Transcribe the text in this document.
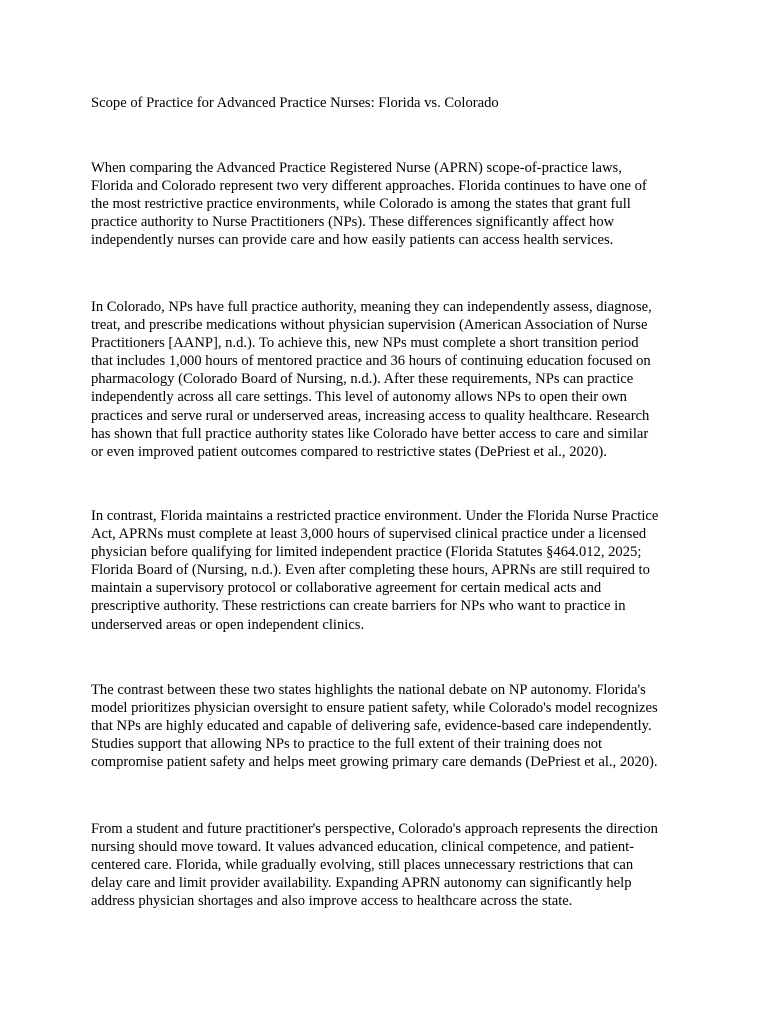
Scope of Practice for Advanced Practice Nurses: Florida vs. Colorado

When comparing the Advanced Practice Registered Nurse (APRN) scope-of-practice laws,
Florida and Colorado represent two very different approaches. Florida continues to have one of
the most restrictive practice environments, while Colorado is among the states that grant full
practice authority to Nurse Practitioners (NPs). These differences significantly affect how
independently nurses can provide care and how easily patients can access health services.

In Colorado, NPs have full practice authority, meaning they can independently assess, diagnose,
treat, and prescribe medications without physician supervision (American Association of Nurse
Practitioners [AANP], n.d.). To achieve this, new NPs must complete a short transition period
that includes 1,000 hours of mentored practice and 36 hours of continuing education focused on
pharmacology (Colorado Board of Nursing, n.d.). After these requirements, NPs can practice
independently across all care settings. This level of autonomy allows NPs to open their own
practices and serve rural or underserved areas, increasing access to quality healthcare. Research
has shown that full practice authority states like Colorado have better access to care and similar
or even improved patient outcomes compared to restrictive states (DePriest et al., 2020).

In contrast, Florida maintains a restricted practice environment. Under the Florida Nurse Practice
Act, APRNs must complete at least 3,000 hours of supervised clinical practice under a licensed
physician before qualifying for limited independent practice (Florida Statutes §464.012, 2025;
Florida Board of (Nursing, n.d.). Even after completing these hours, APRNs are still required to
maintain a supervisory protocol or collaborative agreement for certain medical acts and
prescriptive authority. These restrictions can create barriers for NPs who want to practice in
underserved areas or open independent clinics.

The contrast between these two states highlights the national debate on NP autonomy. Florida's
model prioritizes physician oversight to ensure patient safety, while Colorado's model recognizes
that NPs are highly educated and capable of delivering safe, evidence-based care independently.
Studies support that allowing NPs to practice to the full extent of their training does not
compromise patient safety and helps meet growing primary care demands (DePriest et al., 2020).

From a student and future practitioner's perspective, Colorado's approach represents the direction
nursing should move toward. It values advanced education, clinical competence, and patient-
centered care. Florida, while gradually evolving, still places unnecessary restrictions that can
delay care and limit provider availability. Expanding APRN autonomy can significantly help
address physician shortages and also improve access to healthcare across the state.
